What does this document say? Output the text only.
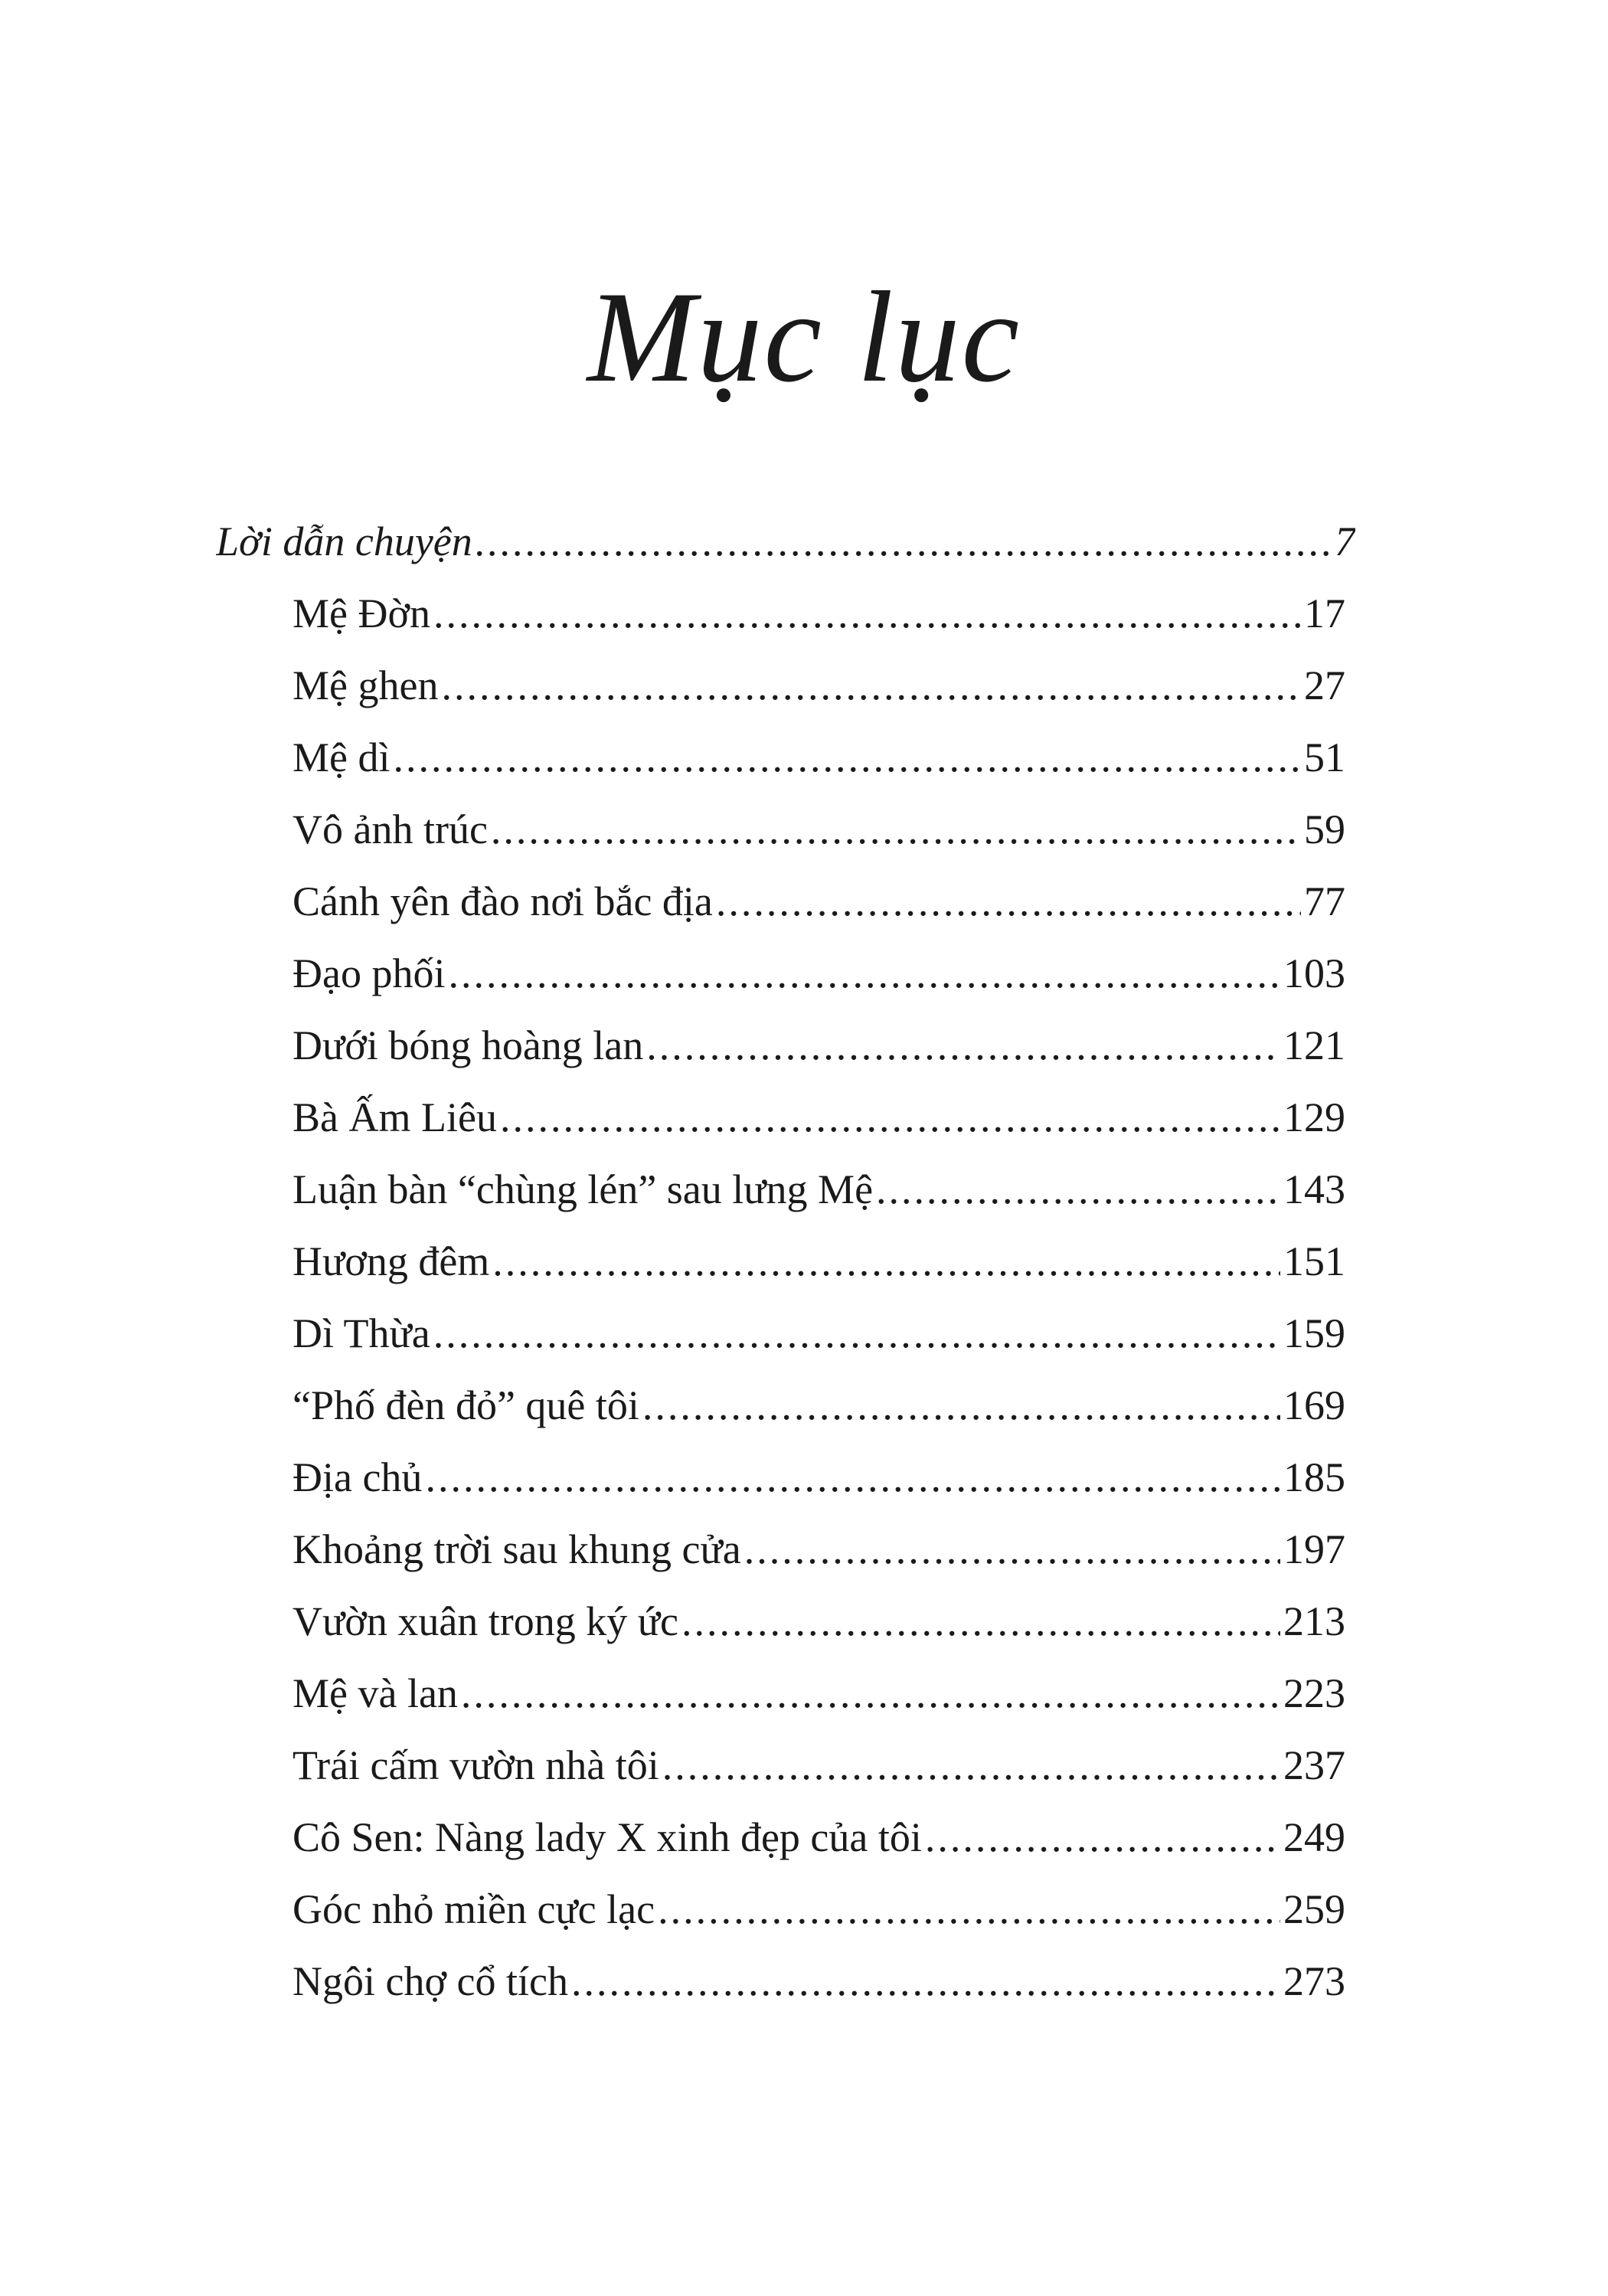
Mục lục
Lời dẫn chuyện .....	7
Mệ Đờn .....	17
Mệ ghen .....	27
Mệ dì .....	51
Vô ảnh trúc .....	59
Cánh yên đào nơi bắc địa .....	77
Đạo phối .....	103
Dưới bóng hoàng lan .....	121
Bà Ấm Liêu .....	129
Luận bàn “chùng lén” sau lưng Mệ .....	143
Hương đêm .....	151
Dì Thừa .....	159
“Phố đèn đỏ” quê tôi .....	169
Địa chủ .....	185
Khoảng trời sau khung cửa .....	197
Vườn xuân trong ký ức .....	213
Mệ và lan .....	223
Trái cấm vườn nhà tôi .....	237
Cô Sen: Nàng lady X xinh đẹp của tôi .....	249
Góc nhỏ miền cực lạc .....	259
Ngôi chợ cổ tích .....	273
